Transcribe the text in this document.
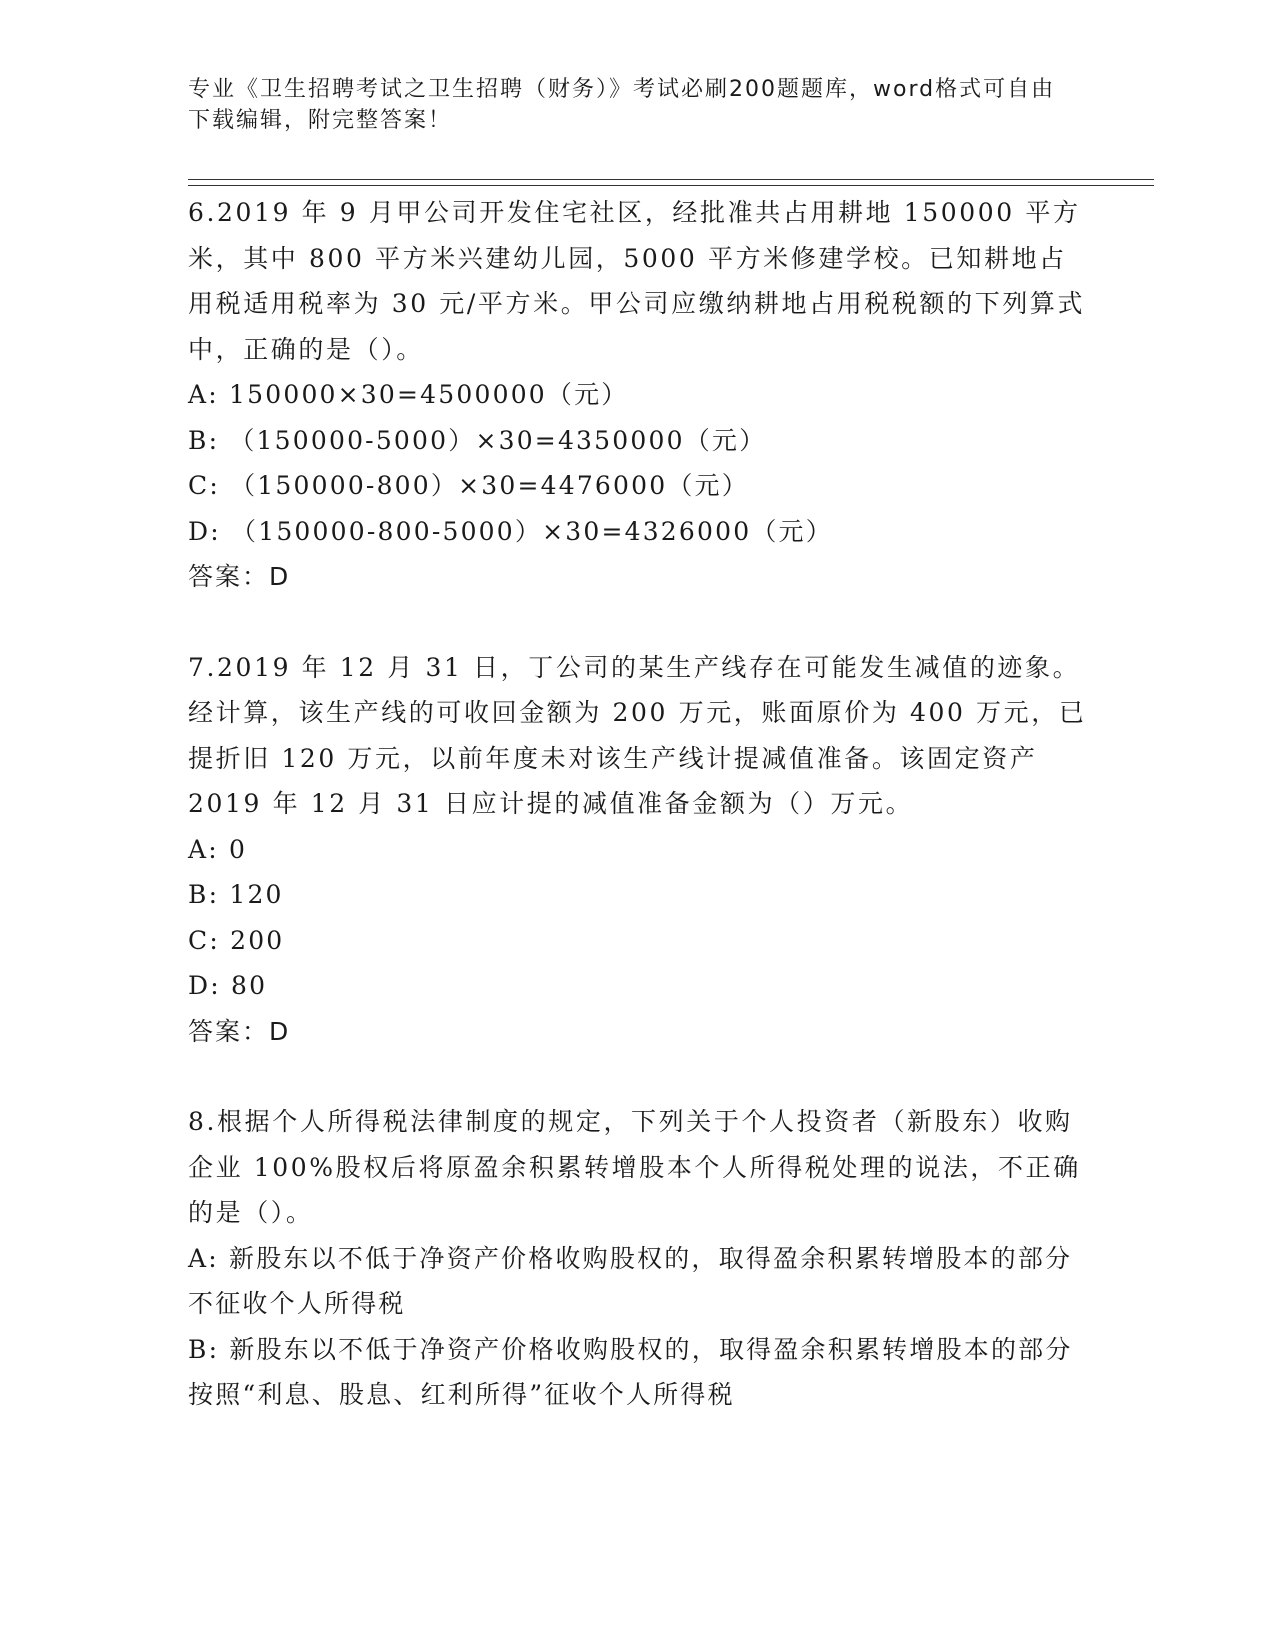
专业《卫生招聘考试之卫生招聘（财务）》考试必刷200题题库，word格式可自由下载编辑，附完整答案！

6.2019 年 9 月甲公司开发住宅社区，经批准共占用耕地 150000 平方米，其中 800 平方米兴建幼儿园，5000 平方米修建学校。已知耕地占用税适用税率为 30 元/平方米。甲公司应缴纳耕地占用税税额的下列算式中，正确的是（）。

A: 150000×30=4500000（元）

B: （150000-5000）×30=4350000（元）

C: （150000-800）×30=4476000（元）

D: （150000-800-5000）×30=4326000（元）

答案：D

7.2019 年 12 月 31 日，丁公司的某生产线存在可能发生减值的迹象。经计算，该生产线的可收回金额为 200 万元，账面原价为 400 万元，已提折旧 120 万元，以前年度未对该生产线计提减值准备。该固定资产 2019 年 12 月 31 日应计提的减值准备金额为（）万元。

A: 0

B: 120

C: 200

D: 80

答案：D

8.根据个人所得税法律制度的规定，下列关于个人投资者（新股东）收购企业 100%股权后将原盈余积累转增股本个人所得税处理的说法，不正确的是（）。

A: 新股东以不低于净资产价格收购股权的，取得盈余积累转增股本的部分不征收个人所得税

B: 新股东以不低于净资产价格收购股权的，取得盈余积累转增股本的部分按照“利息、股息、红利所得”征收个人所得税
